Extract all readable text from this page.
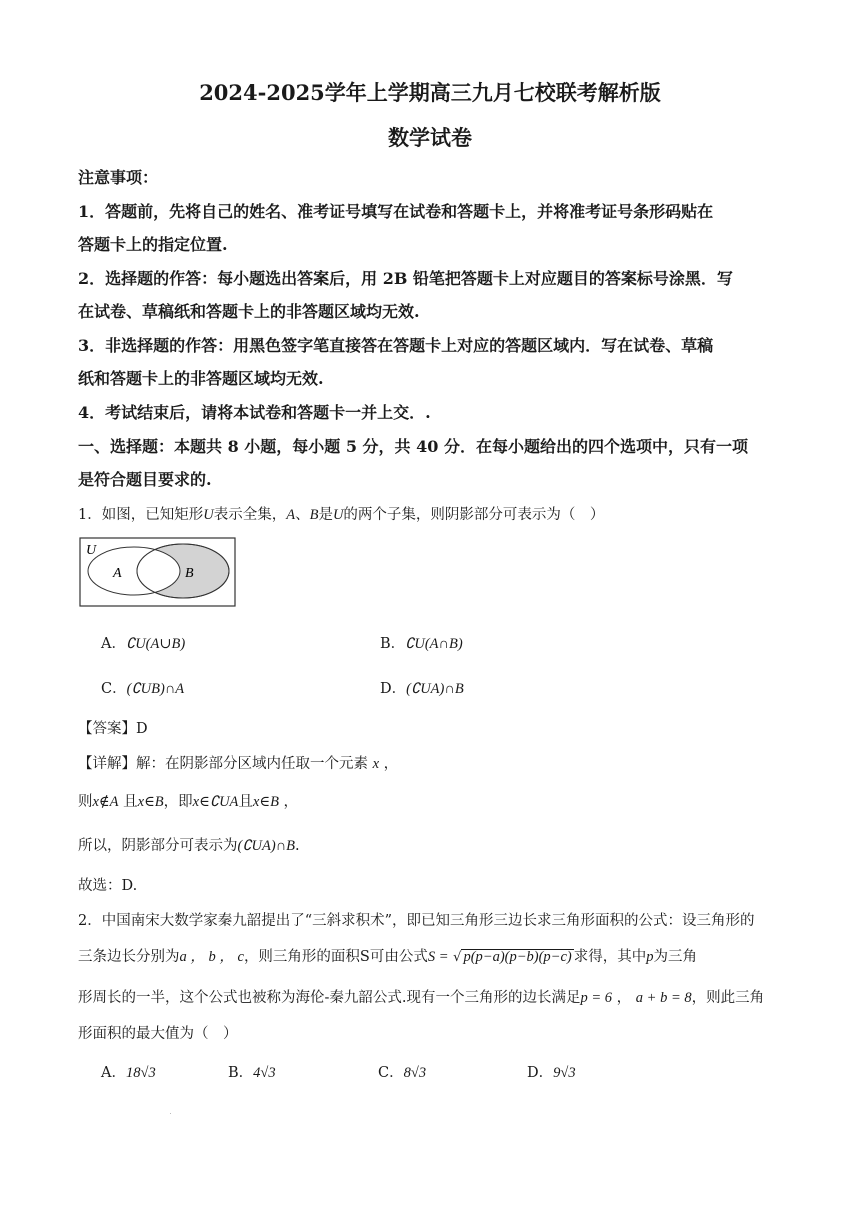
2024-2025学年上学期高三九月七校联考解析版
数学试卷
注意事项：
1．答题前，先将自己的姓名、准考证号填写在试卷和答题卡上，并将准考证号条形码贴在
答题卡上的指定位置.
2．选择题的作答：每小题选出答案后，用 2B 铅笔把答题卡上对应题目的答案标号涂黑．写
在试卷、草稿纸和答题卡上的非答题区域均无效.
3．非选择题的作答：用黑色签字笔直接答在答题卡上对应的答题区域内．写在试卷、草稿
纸和答题卡上的非答题区域均无效.
4．考试结束后，请将本试卷和答题卡一并上交．.
一、选择题：本题共 8 小题，每小题 5 分，共 40 分．在每小题给出的四个选项中，只有一项
是符合题目要求的.
1．如图，已知矩形U表示全集，A、B是U的两个子集，则阴影部分可表示为（　）
U
A	B
A．∁U(A∪B)	B．∁U(A∩B)
C．(∁UB)∩A	D．(∁UA)∩B
【答案】D
【详解】解：在阴影部分区域内任取一个元素 x ，
则x∉A 且x∈B，即x∈∁UA且x∈B ，
所以，阴影部分可表示为(∁UA)∩B.
故选：D.
2．中国南宋大数学家秦九韶提出了“三斜求积术”，即已知三角形三边长求三角形面积的公式：设三角形的
三条边长分别为a ， b ， c，则三角形的面积S可由公式S = √ p(p−a)(p−b)(p−c) 求得，其中p为三角
形周长的一半，这个公式也被称为海伦-秦九韶公式.现有一个三角形的边长满足p = 6 ， a + b = 8，则此三角
形面积的最大值为（　）
A．18√3	B．4√3	C．8√3	D．9√3
